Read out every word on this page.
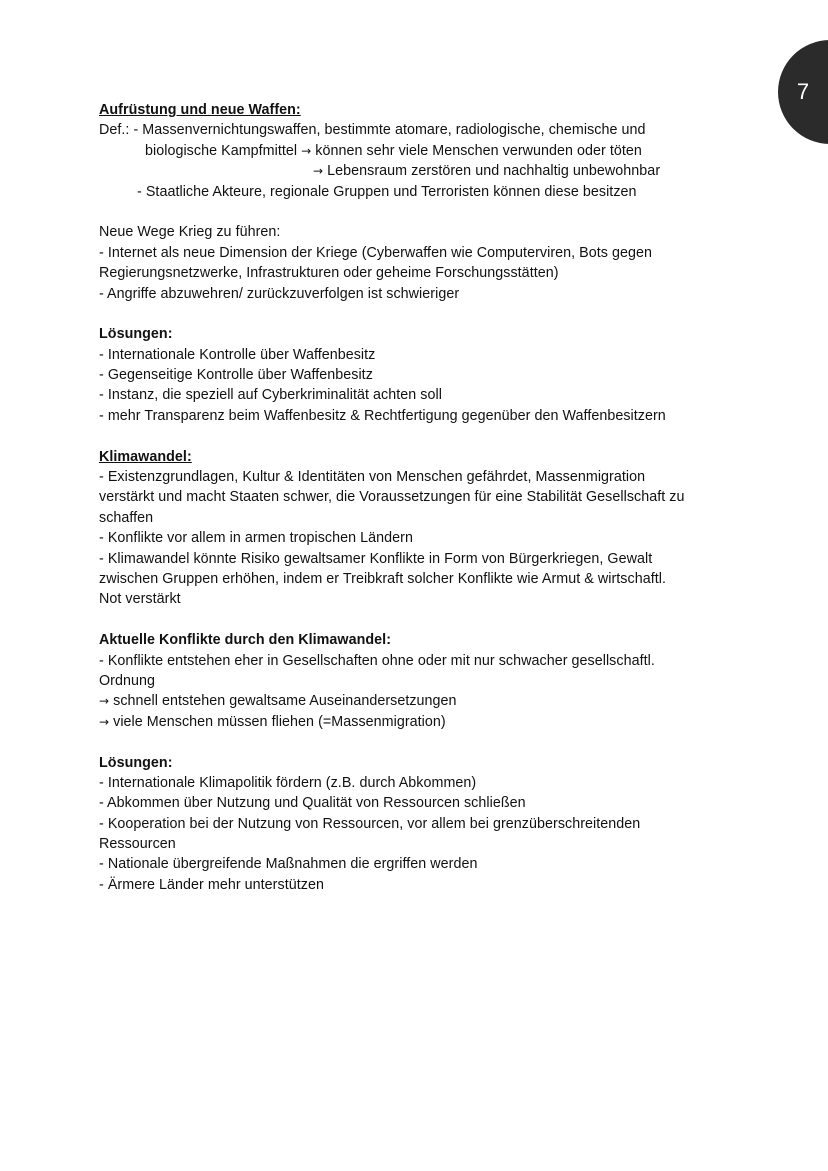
7
Aufrüstung und neue Waffen:
Def.: - Massenvernichtungswaffen, bestimmte atomare, radiologische, chemische und
biologische Kampfmittel → können sehr viele Menschen verwunden oder töten
→ Lebensraum zerstören und nachhaltig unbewohnbar
- Staatliche Akteure, regionale Gruppen und Terroristen können diese besitzen
Neue Wege Krieg zu führen:
- Internet als neue Dimension der Kriege (Cyberwaffen wie Computerviren, Bots gegen
Regierungsnetzwerke, Infrastrukturen oder geheime Forschungsstätten)
- Angriffe abzuwehren/ zurückzuverfolgen ist schwieriger
Lösungen:
- Internationale Kontrolle über Waffenbesitz
- Gegenseitige Kontrolle über Waffenbesitz
- Instanz, die speziell auf Cyberkriminalität achten soll
- mehr Transparenz beim Waffenbesitz & Rechtfertigung gegenüber den Waffenbesitzern
Klimawandel:
- Existenzgrundlagen, Kultur & Identitäten von Menschen gefährdet, Massenmigration
verstärkt und macht Staaten schwer, die Voraussetzungen für eine Stabilität Gesellschaft zu
schaffen
- Konflikte vor allem in armen tropischen Ländern
- Klimawandel könnte Risiko gewaltsamer Konflikte in Form von Bürgerkriegen, Gewalt
zwischen Gruppen erhöhen, indem er Treibkraft solcher Konflikte wie Armut & wirtschaftl.
Not verstärkt
Aktuelle Konflikte durch den Klimawandel:
- Konflikte entstehen eher in Gesellschaften ohne oder mit nur schwacher gesellschaftl.
Ordnung
→ schnell entstehen gewaltsame Auseinandersetzungen
→ viele Menschen müssen fliehen (=Massenmigration)
Lösungen:
- Internationale Klimapolitik fördern (z.B. durch Abkommen)
- Abkommen über Nutzung und Qualität von Ressourcen schließen
- Kooperation bei der Nutzung von Ressourcen, vor allem bei grenzüberschreitenden
Ressourcen
- Nationale übergreifende Maßnahmen die ergriffen werden
- Ärmere Länder mehr unterstützen
